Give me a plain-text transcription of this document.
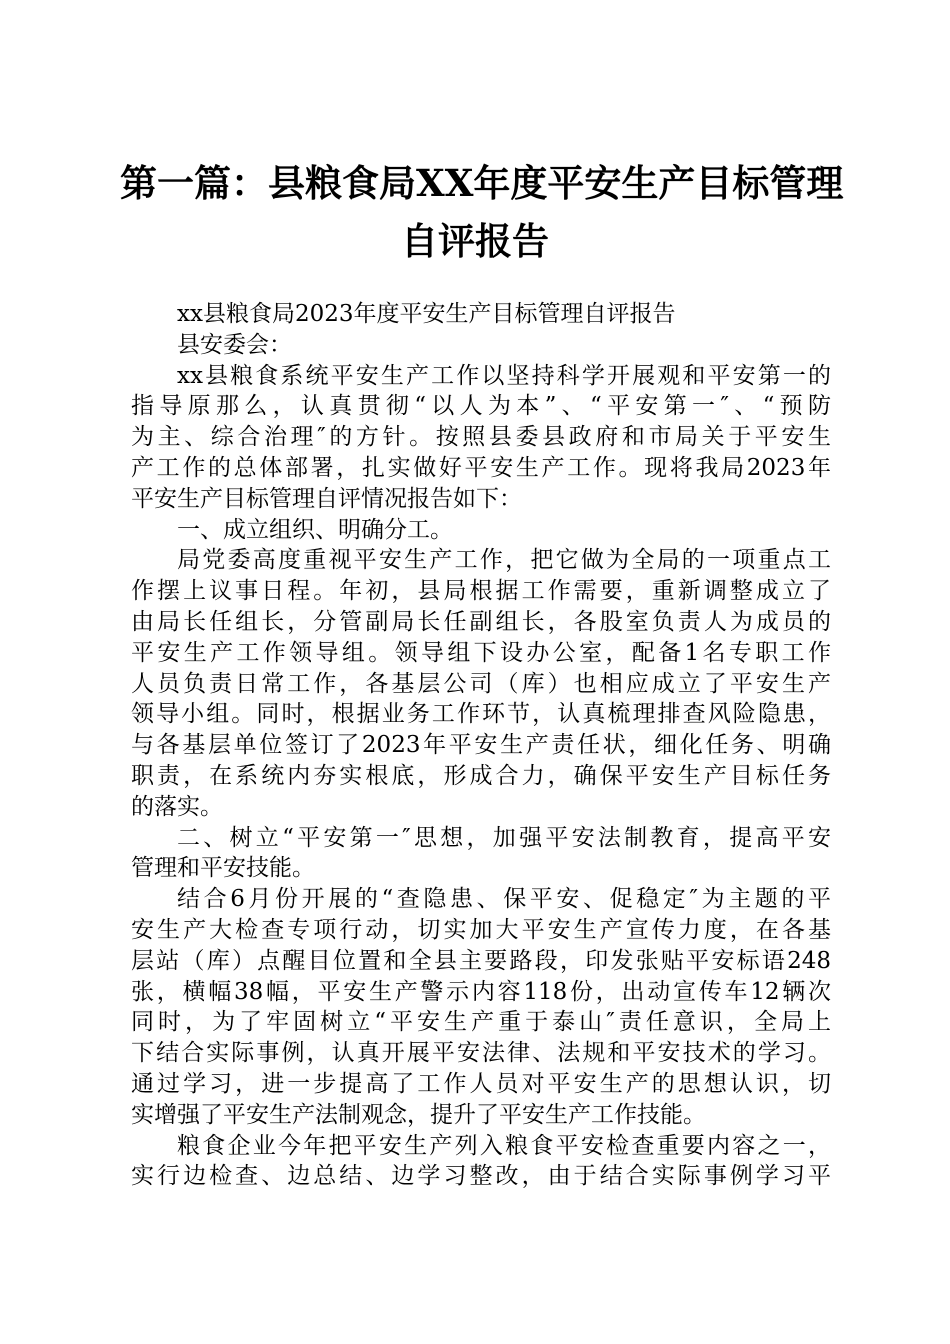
第一篇：县粮食局XX年度平安生产目标管理
自评报告
xx县粮食局2023年度平安生产目标管理自评报告
县安委会：
xx县粮食系统平安生产工作以坚持科学开展观和平安第一的
指导原那么，认真贯彻“以人为本”、“平安第一″、“预防
为主、综合治理″的方针。按照县委县政府和市局关于平安生
产工作的总体部署，扎实做好平安生产工作。现将我局2023年
平安生产目标管理自评情况报告如下：
一、成立组织、明确分工。
局党委高度重视平安生产工作，把它做为全局的一项重点工
作摆上议事日程。年初，县局根据工作需要，重新调整成立了
由局长任组长，分管副局长任副组长，各股室负责人为成员的
平安生产工作领导组。领导组下设办公室，配备1名专职工作
人员负责日常工作，各基层公司（库）也相应成立了平安生产
领导小组。同时，根据业务工作环节，认真梳理排查风险隐患，
与各基层单位签订了2023年平安生产责任状，细化任务、明确
职责，在系统内夯实根底，形成合力，确保平安生产目标任务
的落实。
二、树立“平安第一″思想，加强平安法制教育，提高平安
管理和平安技能。
结合6月份开展的“查隐患、保平安、促稳定″为主题的平
安生产大检查专项行动，切实加大平安生产宣传力度，在各基
层站（库）点醒目位置和全县主要路段，印发张贴平安标语248
张，横幅38幅，平安生产警示内容118份，出动宣传车12辆次
同时，为了牢固树立“平安生产重于泰山″责任意识，全局上
下结合实际事例，认真开展平安法律、法规和平安技术的学习。
通过学习，进一步提高了工作人员对平安生产的思想认识，切
实增强了平安生产法制观念，提升了平安生产工作技能。
粮食企业今年把平安生产列入粮食平安检查重要内容之一，
实行边检查、边总结、边学习整改，由于结合实际事例学习平
